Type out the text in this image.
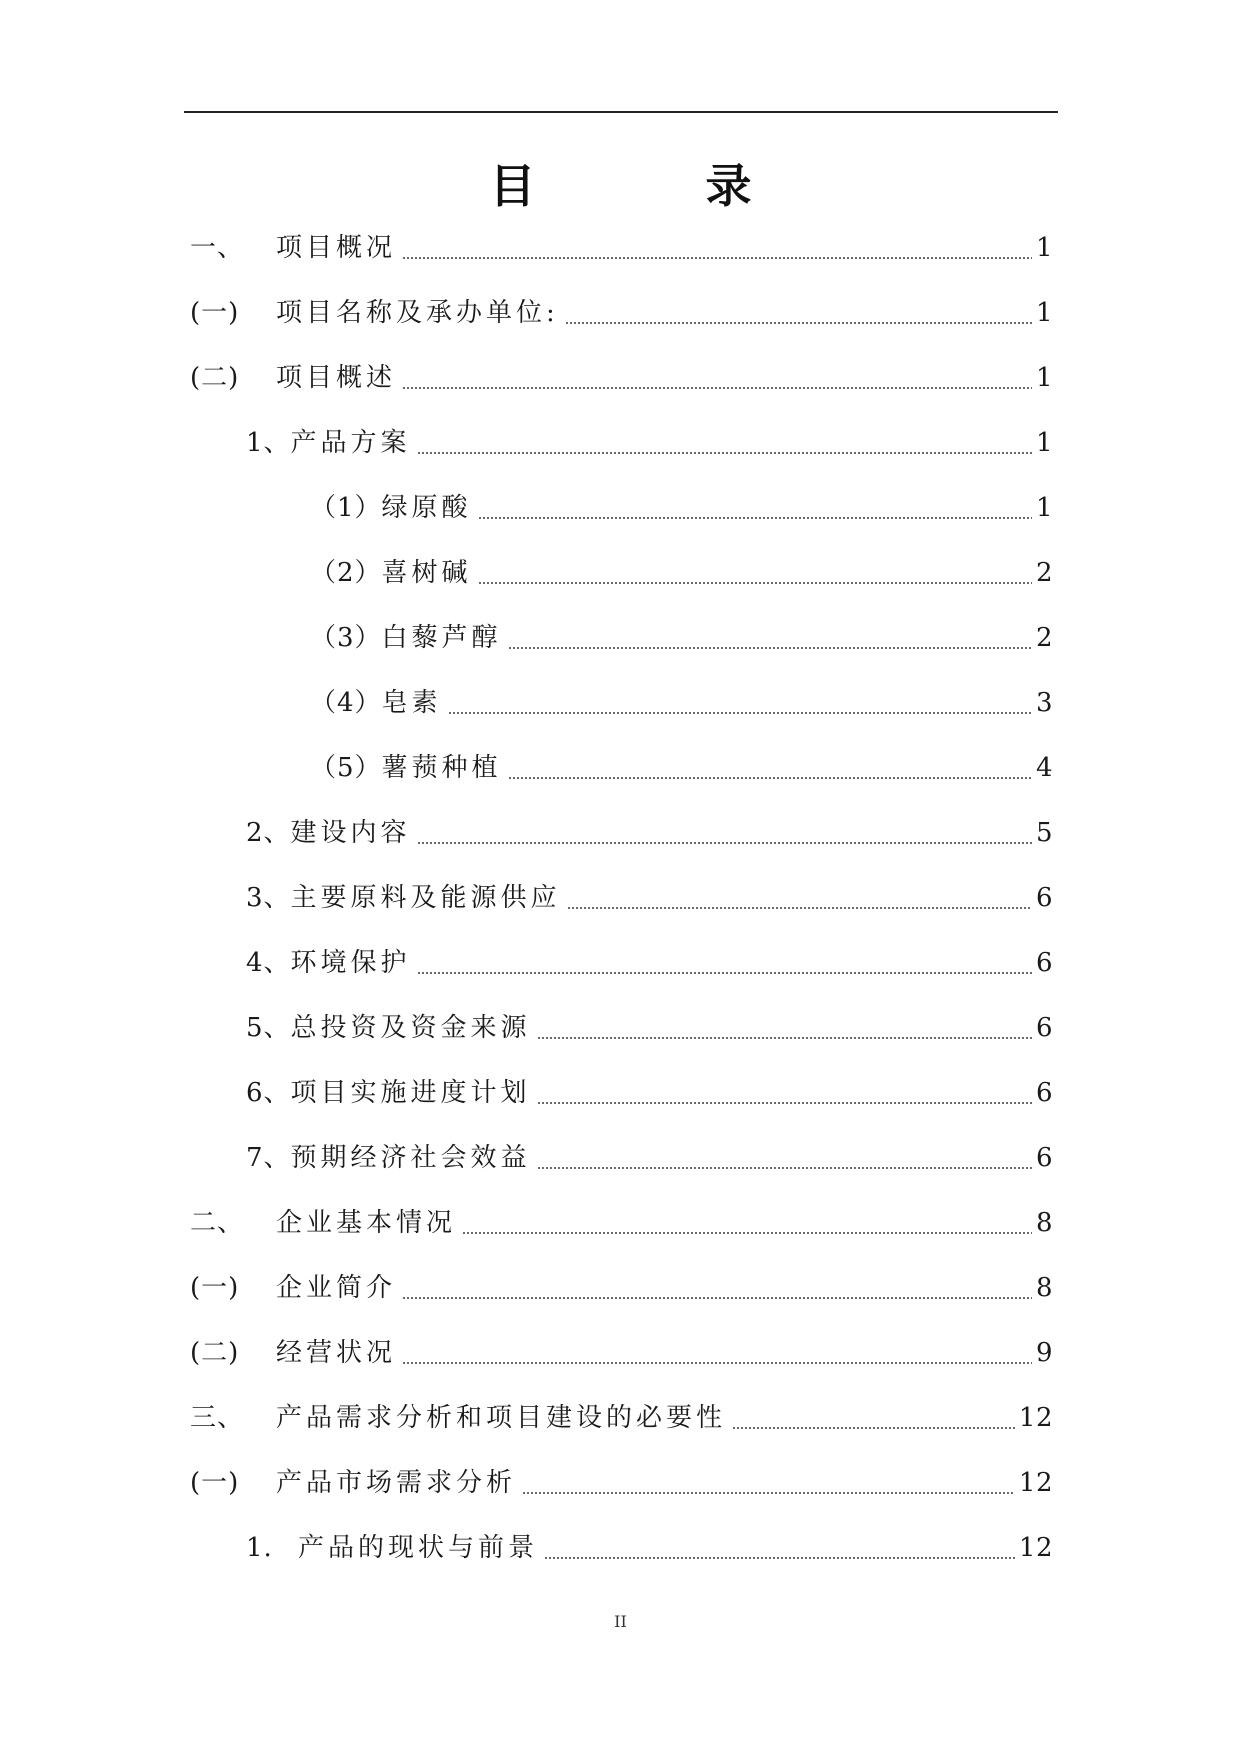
目　录
一、	项目概况	1
(一)	项目名称及承办单位:	1
(二)	项目概述	1
1、 产品方案	1
（1） 绿原酸	1
（2） 喜树碱	2
（3） 白藜芦醇	2
（4） 皂素	3
（5） 薯蓣种植	4
2、 建设内容	5
3、 主要原料及能源供应	6
4、 环境保护	6
5、 总投资及资金来源	6
6、 项目实施进度计划	6
7、 预期经济社会效益	6
二、	企业基本情况	8
(一)	企业简介	8
(二)	经营状况	9
三、	产品需求分析和项目建设的必要性	12
(一)	产品市场需求分析	12
1. 产品的现状与前景	12
II
